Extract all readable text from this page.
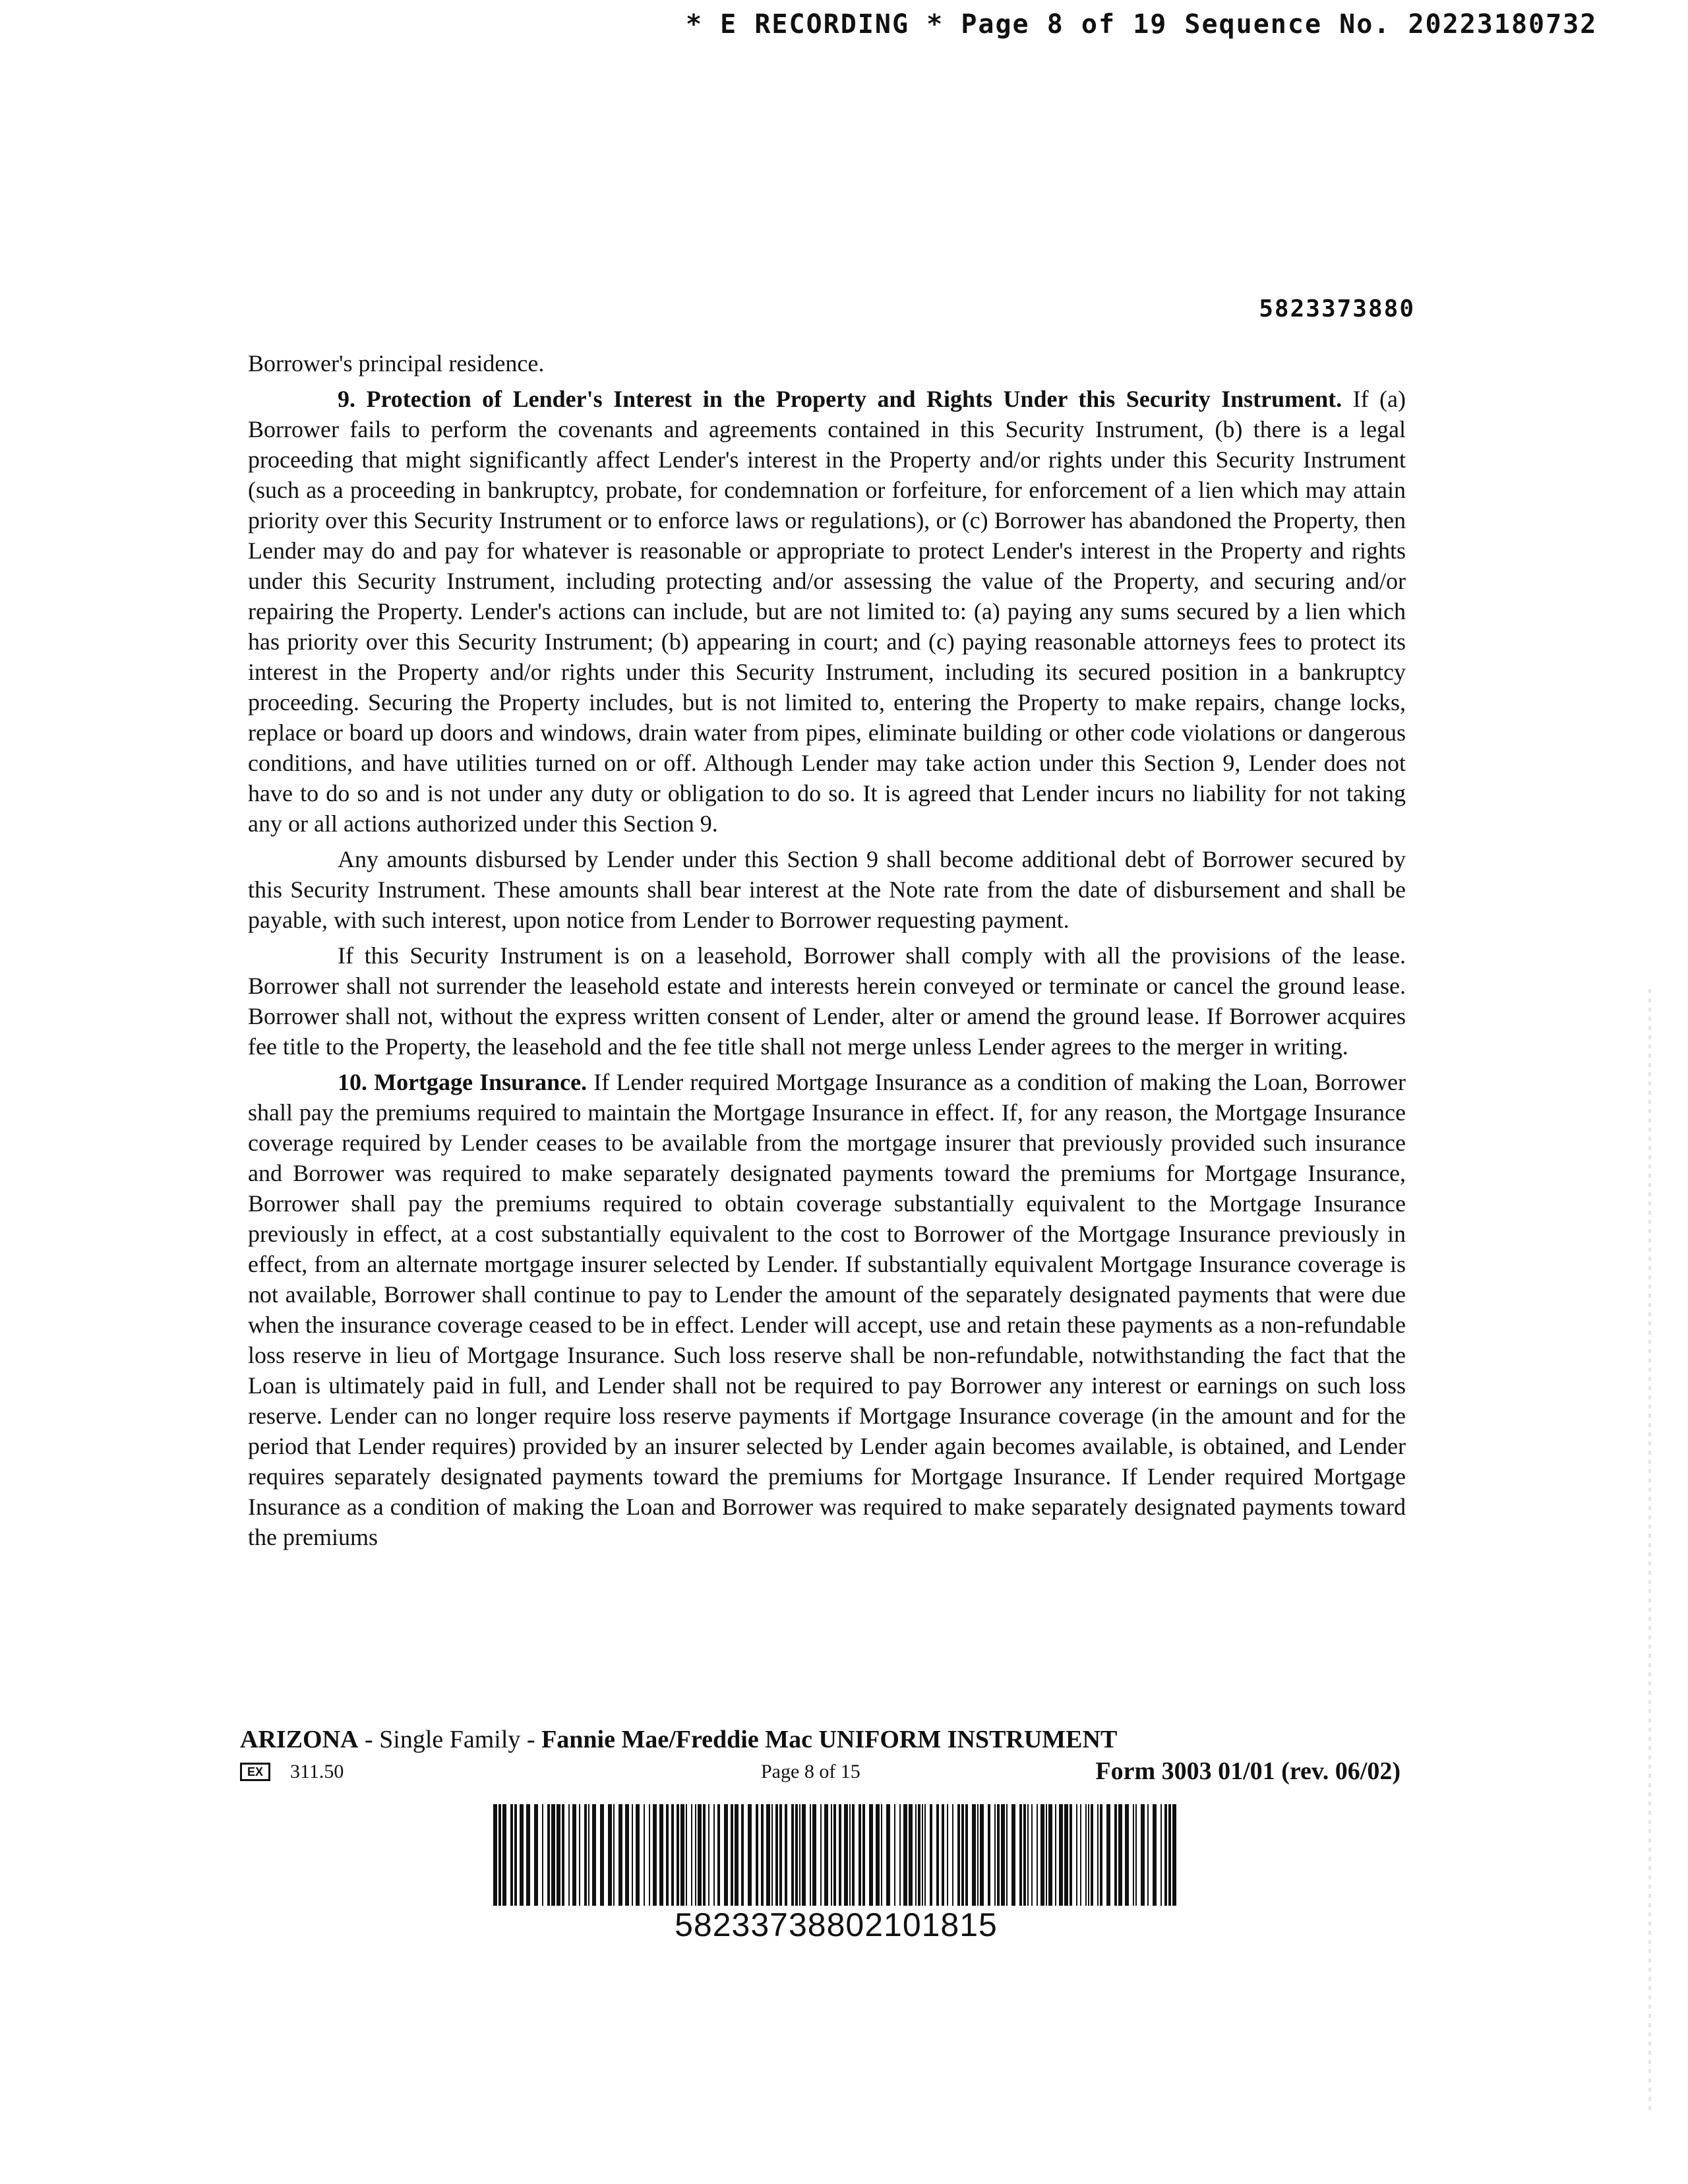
* E RECORDING * Page 8 of 19 Sequence No. 20223180732
5823373880

Borrower's principal residence.

9. Protection of Lender's Interest in the Property and Rights Under this Security Instrument. If (a) Borrower fails to perform the covenants and agreements contained in this Security Instrument, (b) there is a legal proceeding that might significantly affect Lender's interest in the Property and/or rights under this Security Instrument (such as a proceeding in bankruptcy, probate, for condemnation or forfeiture, for enforcement of a lien which may attain priority over this Security Instrument or to enforce laws or regulations), or (c) Borrower has abandoned the Property, then Lender may do and pay for whatever is reasonable or appropriate to protect Lender's interest in the Property and rights under this Security Instrument, including protecting and/or assessing the value of the Property, and securing and/or repairing the Property. Lender's actions can include, but are not limited to: (a) paying any sums secured by a lien which has priority over this Security Instrument; (b) appearing in court; and (c) paying reasonable attorneys fees to protect its interest in the Property and/or rights under this Security Instrument, including its secured position in a bankruptcy proceeding. Securing the Property includes, but is not limited to, entering the Property to make repairs, change locks, replace or board up doors and windows, drain water from pipes, eliminate building or other code violations or dangerous conditions, and have utilities turned on or off. Although Lender may take action under this Section 9, Lender does not have to do so and is not under any duty or obligation to do so. It is agreed that Lender incurs no liability for not taking any or all actions authorized under this Section 9.

Any amounts disbursed by Lender under this Section 9 shall become additional debt of Borrower secured by this Security Instrument. These amounts shall bear interest at the Note rate from the date of disbursement and shall be payable, with such interest, upon notice from Lender to Borrower requesting payment.

If this Security Instrument is on a leasehold, Borrower shall comply with all the provisions of the lease. Borrower shall not surrender the leasehold estate and interests herein conveyed or terminate or cancel the ground lease. Borrower shall not, without the express written consent of Lender, alter or amend the ground lease. If Borrower acquires fee title to the Property, the leasehold and the fee title shall not merge unless Lender agrees to the merger in writing.

10. Mortgage Insurance. If Lender required Mortgage Insurance as a condition of making the Loan, Borrower shall pay the premiums required to maintain the Mortgage Insurance in effect. If, for any reason, the Mortgage Insurance coverage required by Lender ceases to be available from the mortgage insurer that previously provided such insurance and Borrower was required to make separately designated payments toward the premiums for Mortgage Insurance, Borrower shall pay the premiums required to obtain coverage substantially equivalent to the Mortgage Insurance previously in effect, at a cost substantially equivalent to the cost to Borrower of the Mortgage Insurance previously in effect, from an alternate mortgage insurer selected by Lender. If substantially equivalent Mortgage Insurance coverage is not available, Borrower shall continue to pay to Lender the amount of the separately designated payments that were due when the insurance coverage ceased to be in effect. Lender will accept, use and retain these payments as a non-refundable loss reserve in lieu of Mortgage Insurance. Such loss reserve shall be non-refundable, notwithstanding the fact that the Loan is ultimately paid in full, and Lender shall not be required to pay Borrower any interest or earnings on such loss reserve. Lender can no longer require loss reserve payments if Mortgage Insurance coverage (in the amount and for the period that Lender requires) provided by an insurer selected by Lender again becomes available, is obtained, and Lender requires separately designated payments toward the premiums for Mortgage Insurance. If Lender required Mortgage Insurance as a condition of making the Loan and Borrower was required to make separately designated payments toward the premiums

ARIZONA - Single Family - Fannie Mae/Freddie Mac UNIFORM INSTRUMENT
EX	311.50	Page 8 of 15	Form 3003 01/01 (rev. 06/02)
58233738802101815
